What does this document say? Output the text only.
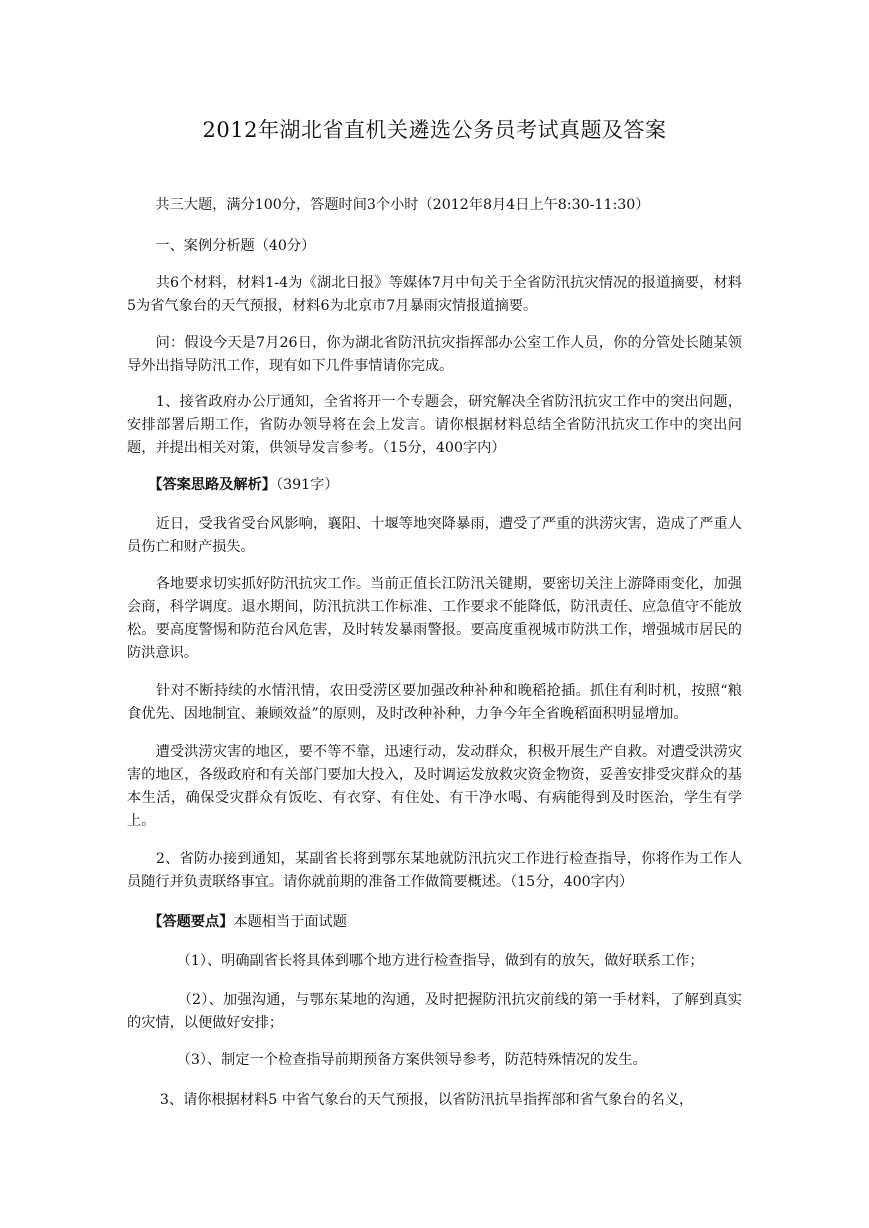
2012年湖北省直机关遴选公务员考试真题及答案

　　共三大题，满分100分，答题时间3个小时（2012年8月4日上午8:30-11:30）

　　一、案例分析题（40分）

　　共6个材料，材料1-4为《湖北日报》等媒体7月中旬关于全省防汛抗灾情况的报道摘要，材料5为省气象台的天气预报，材料6为北京市7月暴雨灾情报道摘要。

　　问：假设今天是7月26日，你为湖北省防汛抗灾指挥部办公室工作人员，你的分管处长随某领导外出指导防汛工作，现有如下几件事情请你完成。

　　1、接省政府办公厅通知，全省将开一个专题会，研究解决全省防汛抗灾工作中的突出问题，安排部署后期工作，省防办领导将在会上发言。请你根据材料总结全省防汛抗灾工作中的突出问题，并提出相关对策，供领导发言参考。（15分，400字内）

　　【答案思路及解析】（391字）

　　近日，受我省受台风影响，襄阳、十堰等地突降暴雨，遭受了严重的洪涝灾害，造成了严重人员伤亡和财产损失。

　　各地要求切实抓好防汛抗灾工作。当前正值长江防汛关键期，要密切关注上游降雨变化，加强会商，科学调度。退水期间，防汛抗洪工作标准、工作要求不能降低，防汛责任、应急值守不能放松。要高度警惕和防范台风危害，及时转发暴雨警报。要高度重视城市防洪工作，增强城市居民的防洪意识。

　　针对不断持续的水情汛情，农田受涝区要加强改种补种和晚稻抢插。抓住有利时机，按照“粮食优先、因地制宜、兼顾效益”的原则，及时改种补种，力争今年全省晚稻面积明显增加。

　　遭受洪涝灾害的地区，要不等不靠，迅速行动，发动群众，积极开展生产自救。对遭受洪涝灾害的地区，各级政府和有关部门要加大投入，及时调运发放救灾资金物资，妥善安排受灾群众的基本生活，确保受灾群众有饭吃、有衣穿、有住处、有干净水喝、有病能得到及时医治，学生有学上。

　　2、省防办接到通知，某副省长将到鄂东某地就防汛抗灾工作进行检查指导，你将作为工作人员随行并负责联络事宜。请你就前期的准备工作做简要概述。（15分，400字内）

　　【答题要点】本题相当于面试题

　　　　（1）、明确副省长将具体到哪个地方进行检查指导，做到有的放矢，做好联系工作；

　　　　（2）、加强沟通，与鄂东某地的沟通，及时把握防汛抗灾前线的第一手材料，了解到真实的灾情，以便做好安排；

　　　　（3）、制定一个检查指导前期预备方案供领导参考，防范特殊情况的发生。

　　 3、请你根据材料5 中省气象台的天气预报，以省防汛抗旱指挥部和省气象台的名义，
